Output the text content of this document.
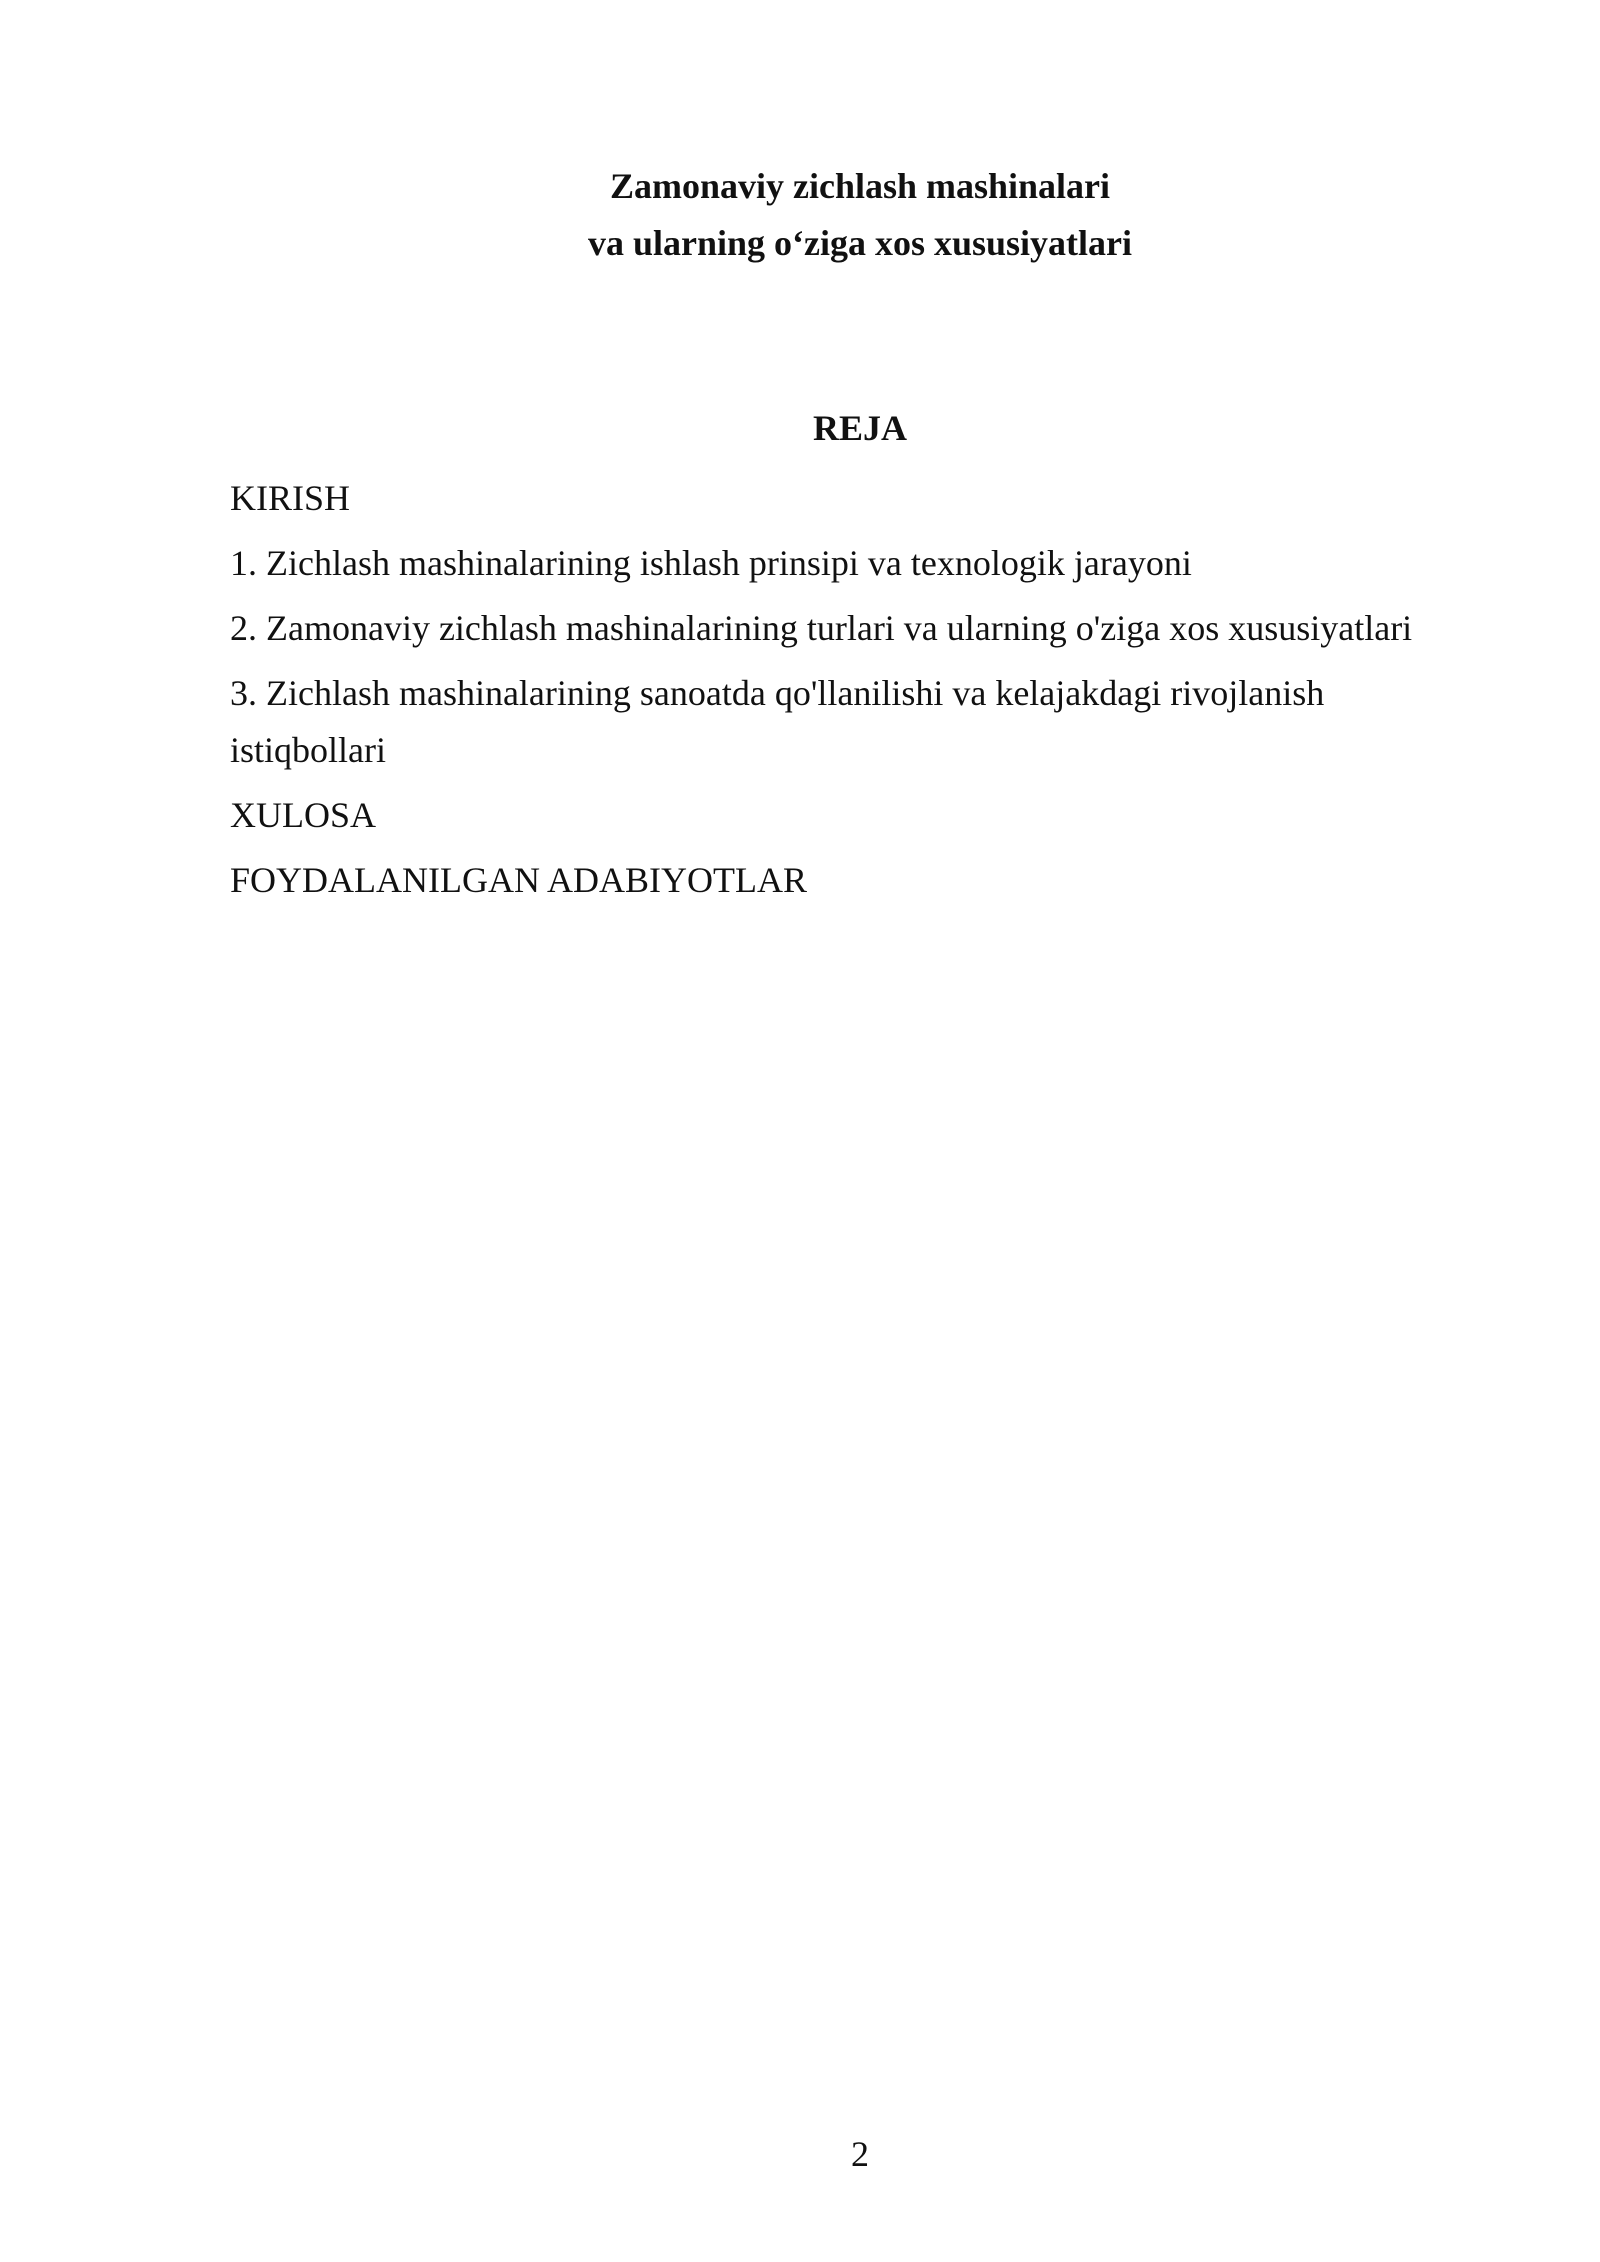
Zamonaviy zichlash mashinalari
va ularning o‘ziga xos xususiyatlari
REJA
KIRISH
1. Zichlash mashinalarining ishlash prinsipi va texnologik jarayoni
2. Zamonaviy zichlash mashinalarining turlari va ularning o'ziga xos xususiyatlari
3. Zichlash mashinalarining sanoatda qo'llanilishi va kelajakdagi rivojlanish istiqbollari
XULOSA
FOYDALANILGAN ADABIYOTLAR
2
